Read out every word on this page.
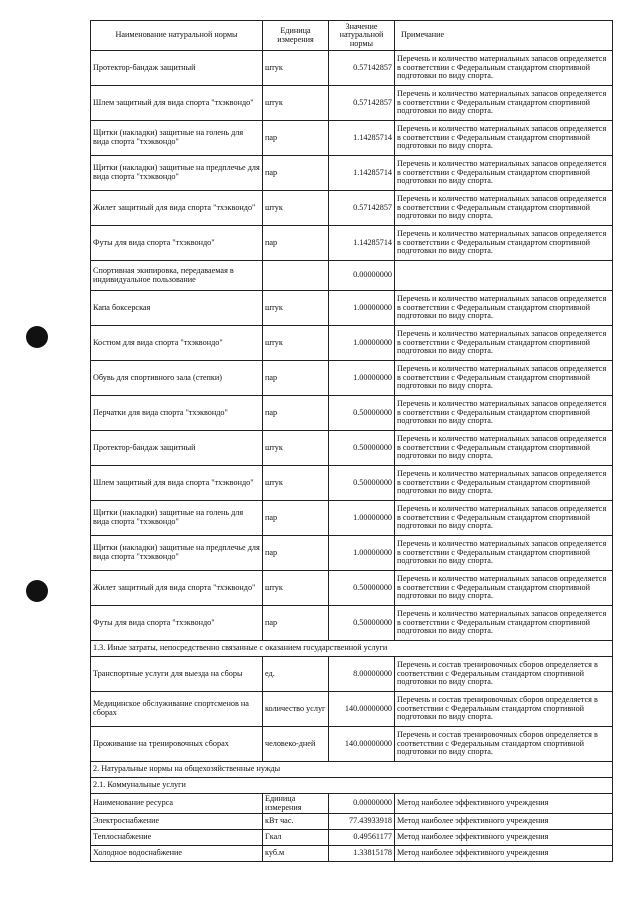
Наименование натуральной нормы	Единица измерения	Значение натуральной нормы	Примечание
Протектор-бандаж защитный	штук	0.57142857	Перечень и количество материальных запасов определяется в соответствии с Федеральным стандартом спортивной подготовки по виду спорта.
Шлем защитный для вида спорта "тхэквондо"	штук	0.57142857	Перечень и количество материальных запасов определяется в соответствии с Федеральным стандартом спортивной подготовки по виду спорта.
Щитки (накладки) защитные на голень для вида спорта "тхэквондо"	пар	1.14285714	Перечень и количество материальных запасов определяется в соответствии с Федеральным стандартом спортивной подготовки по виду спорта.
Щитки (накладки) защитные на предплечье для вида спорта "тхэквондо"	пар	1.14285714	Перечень и количество материальных запасов определяется в соответствии с Федеральным стандартом спортивной подготовки по виду спорта.
Жилет защитный для вида спорта "тхэквондо"	штук	0.57142857	Перечень и количество материальных запасов определяется в соответствии с Федеральным стандартом спортивной подготовки по виду спорта.
Футы для вида спорта "тхэквондо"	пар	1.14285714	Перечень и количество материальных запасов определяется в соответствии с Федеральным стандартом спортивной подготовки по виду спорта.
Спортивная экипировка, передаваемая в индивидуальное пользование		0.00000000	
Капа боксерская	штук	1.00000000	Перечень и количество материальных запасов определяется в соответствии с Федеральным стандартом спортивной подготовки по виду спорта.
Костюм для вида спорта "тхэквондо"	штук	1.00000000	Перечень и количество материальных запасов определяется в соответствии с Федеральным стандартом спортивной подготовки по виду спорта.
Обувь для спортивного зала (степки)	пар	1.00000000	Перечень и количество материальных запасов определяется в соответствии с Федеральным стандартом спортивной подготовки по виду спорта.
Перчатки для вида спорта "тхэквондо"	пар	0.50000000	Перечень и количество материальных запасов определяется в соответствии с Федеральным стандартом спортивной подготовки по виду спорта.
Протектор-бандаж защитный	штук	0.50000000	Перечень и количество материальных запасов определяется в соответствии с Федеральным стандартом спортивной подготовки по виду спорта.
Шлем защитный для вида спорта "тхэквондо"	штук	0.50000000	Перечень и количество материальных запасов определяется в соответствии с Федеральным стандартом спортивной подготовки по виду спорта.
Щитки (накладки) защитные на голень для вида спорта "тхэквондо"	пар	1.00000000	Перечень и количество материальных запасов определяется в соответствии с Федеральным стандартом спортивной подготовки по виду спорта.
Щитки (накладки) защитные на предплечье для вида спорта "тхэквондо"	пар	1.00000000	Перечень и количество материальных запасов определяется в соответствии с Федеральным стандартом спортивной подготовки по виду спорта.
Жилет защитный для вида спорта "тхэквондо"	штук	0.50000000	Перечень и количество материальных запасов определяется в соответствии с Федеральным стандартом спортивной подготовки по виду спорта.
Футы для вида спорта "тхэквондо"	пар	0.50000000	Перечень и количество материальных запасов определяется в соответствии с Федеральным стандартом спортивной подготовки по виду спорта.
1.3. Иные затраты, непосредственно связанные с оказанием государственной услуги			
Транспортные услуги для выезда на сборы	ед.	8.00000000	Перечень и состав тренировочных сборов определяется в соответствии с Федеральным стандартом спортивной подготовки по виду спорта.
Медицинское обслуживание спортсменов на сборах	количество услуг	140.00000000	Перечень и состав тренировочных сборов определяется в соответствии с Федеральным стандартом спортивной подготовки по виду спорта.
Проживание на тренировочных сборах	человеко-дней	140.00000000	Перечень и состав тренировочных сборов определяется в соответствии с Федеральным стандартом спортивной подготовки по виду спорта.
2. Натуральные нормы на общехозяйственные нужды			
2.1. Коммунальные услуги			
Наименование ресурса	Единица измерения	0.00000000	Метод наиболее эффективного учреждения
Электроснабжение	кВт час.	77.43933918	Метод наиболее эффективного учреждения
Теплоснабжение	Гкал	0.49561177	Метод наиболее эффективного учреждения
Холодное водоснабжение	куб.м	1.33815178	Метод наиболее эффективного учреждения
